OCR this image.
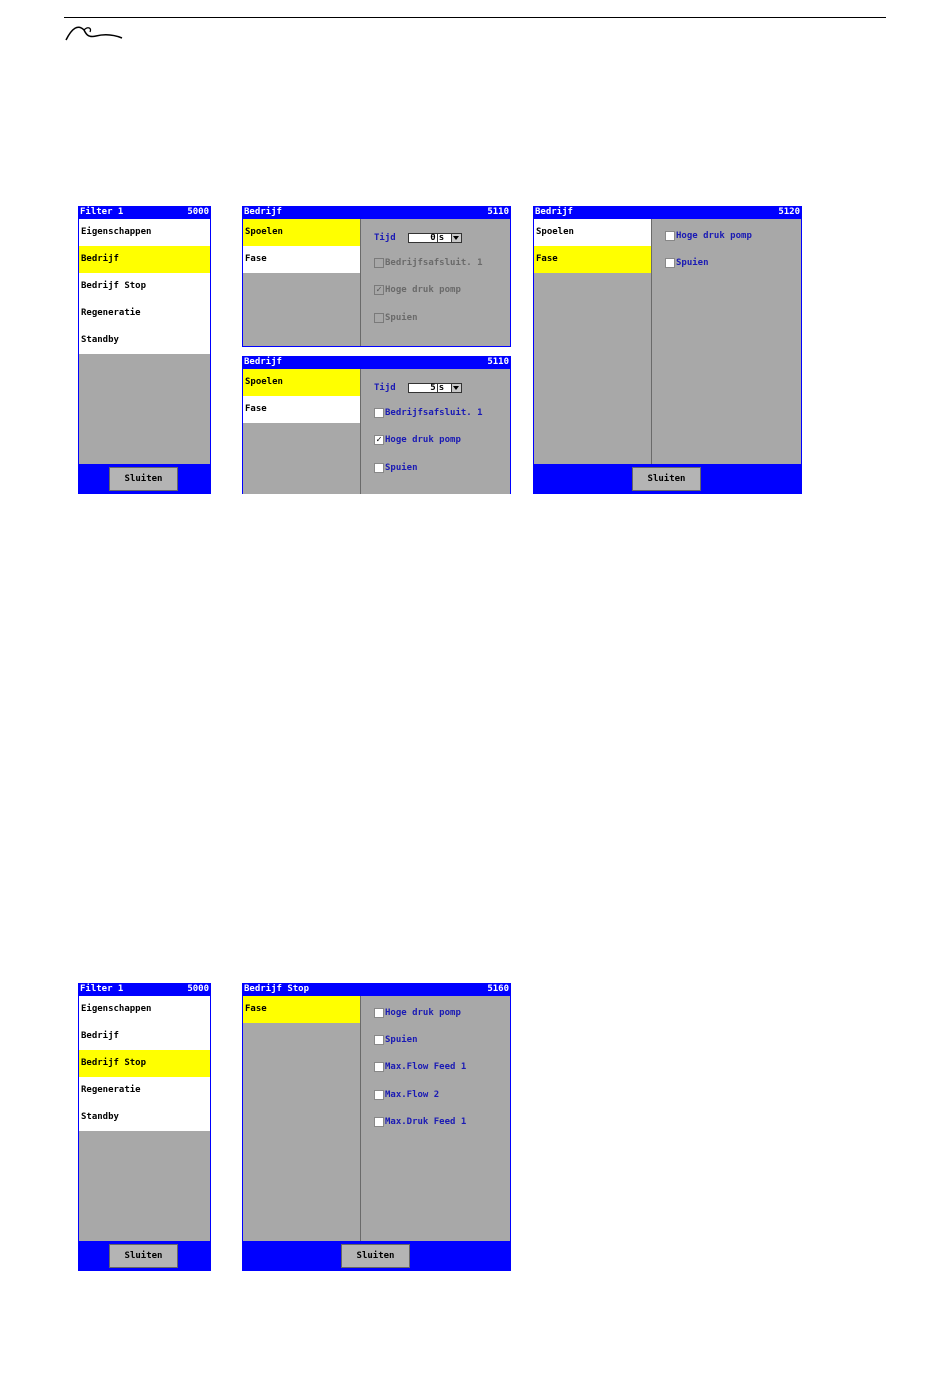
Filter 1	5000
Eigenschappen
Bedrijf
Bedrijf Stop
Regeneratie
Standby
Sluiten
Bedrijf	5110
Spoelen
Fase
Tijd	0 s
Bedrijfsafsluit. 1
✓ Hoge druk pomp
Spuien
Bedrijf	5110
Spoelen
Fase
Tijd	5 s
Bedrijfsafsluit. 1
✓ Hoge druk pomp
Spuien
Bedrijf	5120
Spoelen
Fase
Hoge druk pomp
Spuien
Sluiten
Filter 1	5000
Eigenschappen
Bedrijf
Bedrijf Stop
Regeneratie
Standby
Sluiten
Bedrijf Stop	5160
Fase	Hoge druk pomp
Spuien
Max.Flow Feed 1
Max.Flow 2
Max.Druk Feed 1
Sluiten
